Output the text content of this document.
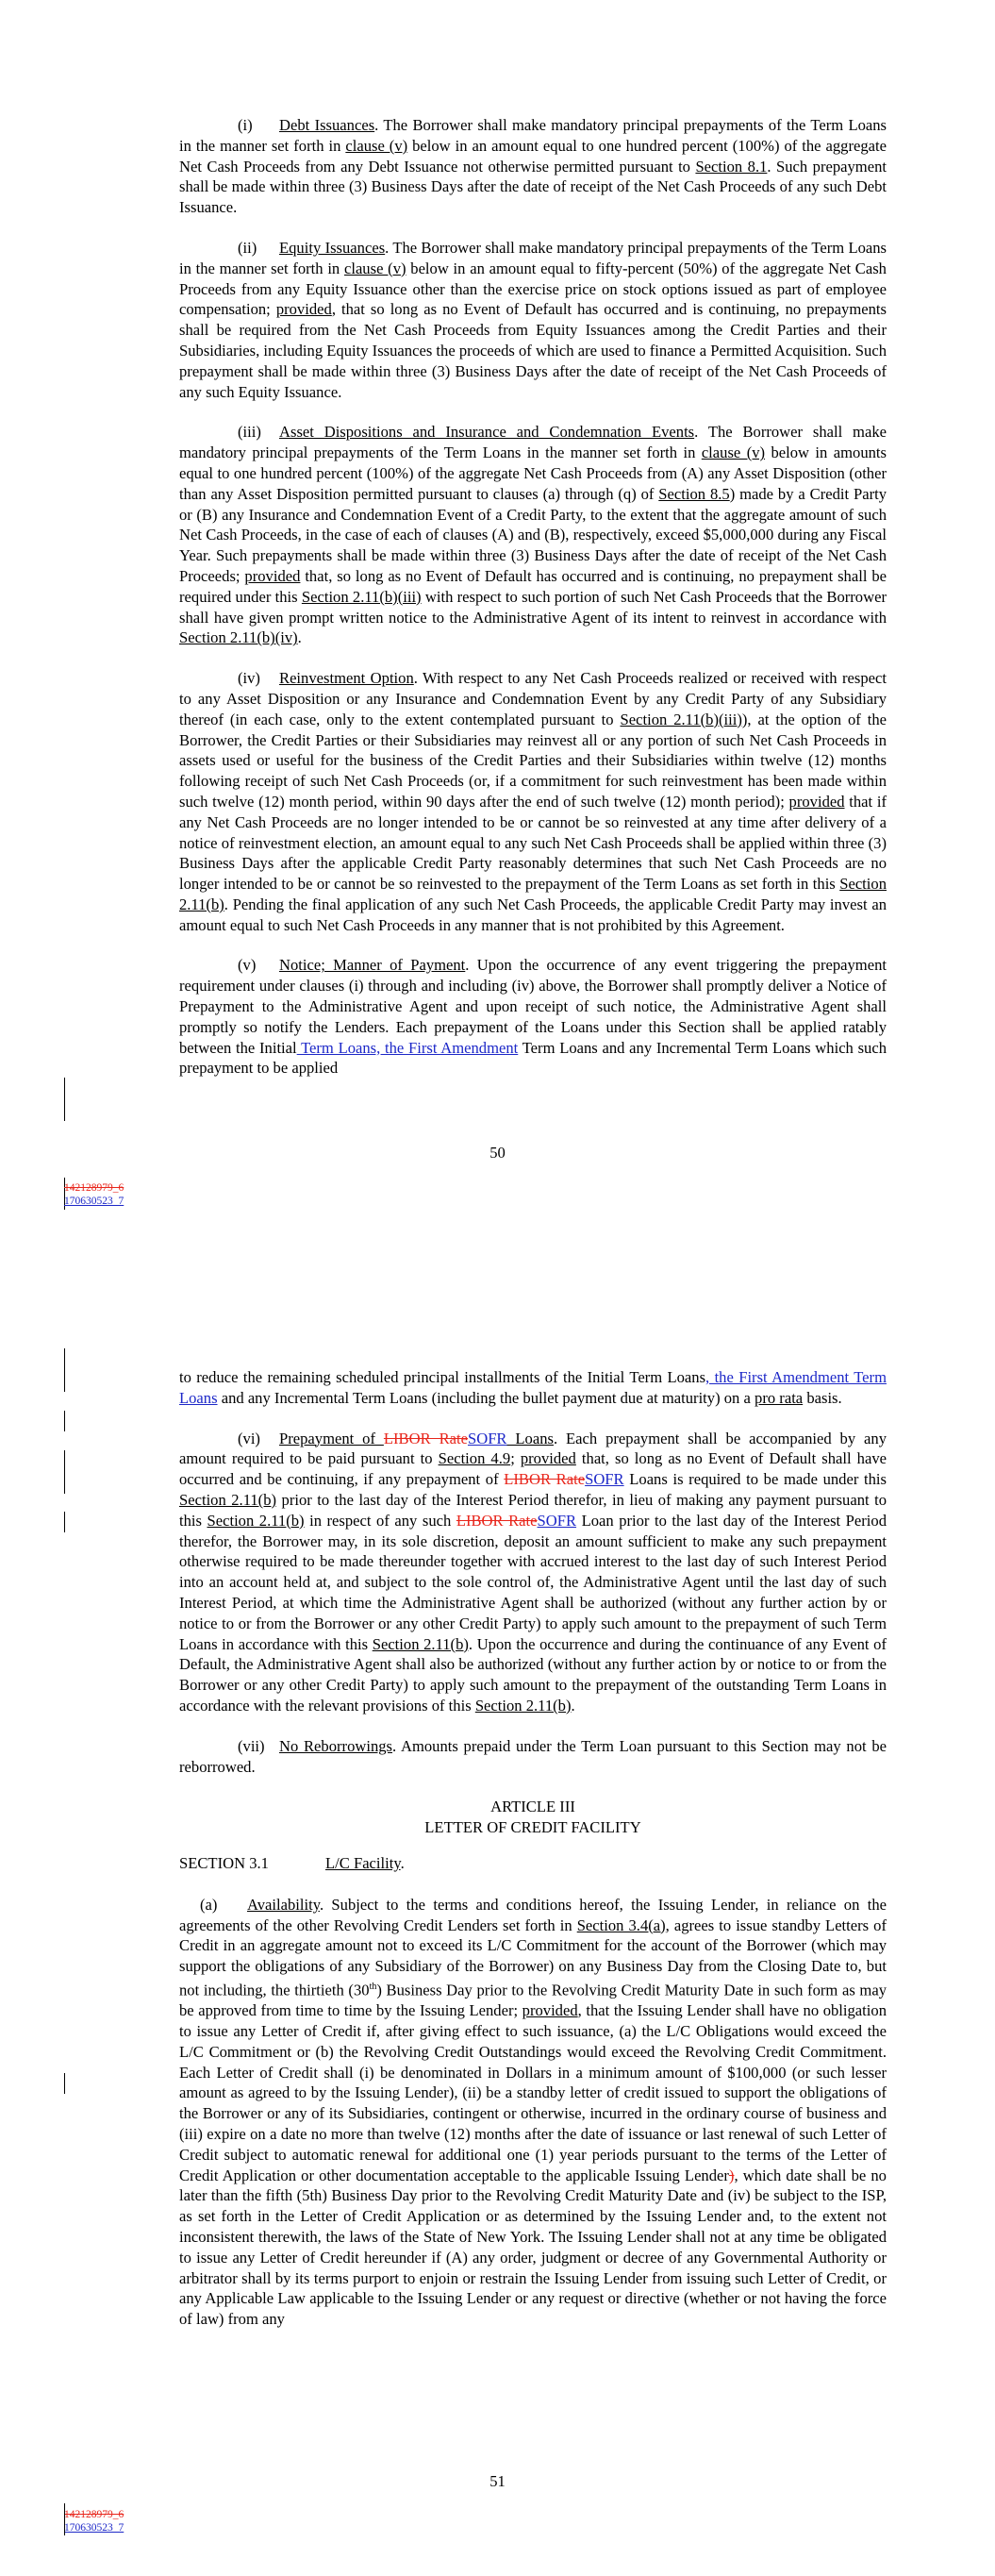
(i) Debt Issuances. The Borrower shall make mandatory principal prepayments of the Term Loans in the manner set forth in clause (v) below in an amount equal to one hundred percent (100%) of the aggregate Net Cash Proceeds from any Debt Issuance not otherwise permitted pursuant to Section 8.1. Such prepayment shall be made within three (3) Business Days after the date of receipt of the Net Cash Proceeds of any such Debt Issuance.

(ii) Equity Issuances. The Borrower shall make mandatory principal prepayments of the Term Loans in the manner set forth in clause (v) below in an amount equal to fifty-percent (50%) of the aggregate Net Cash Proceeds from any Equity Issuance other than the exercise price on stock options issued as part of employee compensation; provided, that so long as no Event of Default has occurred and is continuing, no prepayments shall be required from the Net Cash Proceeds from Equity Issuances among the Credit Parties and their Subsidiaries, including Equity Issuances the proceeds of which are used to finance a Permitted Acquisition. Such prepayment shall be made within three (3) Business Days after the date of receipt of the Net Cash Proceeds of any such Equity Issuance.

(iii) Asset Dispositions and Insurance and Condemnation Events. The Borrower shall make mandatory principal prepayments of the Term Loans in the manner set forth in clause (v) below in amounts equal to one hundred percent (100%) of the aggregate Net Cash Proceeds from (A) any Asset Disposition (other than any Asset Disposition permitted pursuant to clauses (a) through (q) of Section 8.5) made by a Credit Party or (B) any Insurance and Condemnation Event of a Credit Party, to the extent that the aggregate amount of such Net Cash Proceeds, in the case of each of clauses (A) and (B), respectively, exceed $5,000,000 during any Fiscal Year. Such prepayments shall be made within three (3) Business Days after the date of receipt of the Net Cash Proceeds; provided that, so long as no Event of Default has occurred and is continuing, no prepayment shall be required under this Section 2.11(b)(iii) with respect to such portion of such Net Cash Proceeds that the Borrower shall have given prompt written notice to the Administrative Agent of its intent to reinvest in accordance with Section 2.11(b)(iv).

(iv) Reinvestment Option. With respect to any Net Cash Proceeds realized or received with respect to any Asset Disposition or any Insurance and Condemnation Event by any Credit Party of any Subsidiary thereof (in each case, only to the extent contemplated pursuant to Section 2.11(b)(iii)), at the option of the Borrower, the Credit Parties or their Subsidiaries may reinvest all or any portion of such Net Cash Proceeds in assets used or useful for the business of the Credit Parties and their Subsidiaries within twelve (12) months following receipt of such Net Cash Proceeds (or, if a commitment for such reinvestment has been made within such twelve (12) month period, within 90 days after the end of such twelve (12) month period); provided that if any Net Cash Proceeds are no longer intended to be or cannot be so reinvested at any time after delivery of a notice of reinvestment election, an amount equal to any such Net Cash Proceeds shall be applied within three (3) Business Days after the applicable Credit Party reasonably determines that such Net Cash Proceeds are no longer intended to be or cannot be so reinvested to the prepayment of the Term Loans as set forth in this Section 2.11(b). Pending the final application of any such Net Cash Proceeds, the applicable Credit Party may invest an amount equal to such Net Cash Proceeds in any manner that is not prohibited by this Agreement.

(v) Notice; Manner of Payment. Upon the occurrence of any event triggering the prepayment requirement under clauses (i) through and including (iv) above, the Borrower shall promptly deliver a Notice of Prepayment to the Administrative Agent and upon receipt of such notice, the Administrative Agent shall promptly so notify the Lenders. Each prepayment of the Loans under this Section shall be applied ratably between the Initial Term Loans, the First Amendment Term Loans and any Incremental Term Loans which such prepayment to be applied

50
142128979_6
170630523_7

to reduce the remaining scheduled principal installments of the Initial Term Loans, the First Amendment Term Loans and any Incremental Term Loans (including the bullet payment due at maturity) on a pro rata basis.

(vi) Prepayment of LIBOR RateSOFR Loans. Each prepayment shall be accompanied by any amount required to be paid pursuant to Section 4.9; provided that, so long as no Event of Default shall have occurred and be continuing, if any prepayment of LIBOR RateSOFR Loans is required to be made under this Section 2.11(b) prior to the last day of the Interest Period therefor, in lieu of making any payment pursuant to this Section 2.11(b) in respect of any such LIBOR RateSOFR Loan prior to the last day of the Interest Period therefor, the Borrower may, in its sole discretion, deposit an amount sufficient to make any such prepayment otherwise required to be made thereunder together with accrued interest to the last day of such Interest Period into an account held at, and subject to the sole control of, the Administrative Agent until the last day of such Interest Period, at which time the Administrative Agent shall be authorized (without any further action by or notice to or from the Borrower or any other Credit Party) to apply such amount to the prepayment of such Term Loans in accordance with this Section 2.11(b). Upon the occurrence and during the continuance of any Event of Default, the Administrative Agent shall also be authorized (without any further action by or notice to or from the Borrower or any other Credit Party) to apply such amount to the prepayment of the outstanding Term Loans in accordance with the relevant provisions of this Section 2.11(b).

(vii) No Reborrowings. Amounts prepaid under the Term Loan pursuant to this Section may not be reborrowed.

ARTICLE III

LETTER OF CREDIT FACILITY

SECTION 3.1	L/C Facility.

(a) Availability. Subject to the terms and conditions hereof, the Issuing Lender, in reliance on the agreements of the other Revolving Credit Lenders set forth in Section 3.4(a), agrees to issue standby Letters of Credit in an aggregate amount not to exceed its L/C Commitment for the account of the Borrower (which may support the obligations of any Subsidiary of the Borrower) on any Business Day from the Closing Date to, but not including, the thirtieth (30th) Business Day prior to the Revolving Credit Maturity Date in such form as may be approved from time to time by the Issuing Lender; provided, that the Issuing Lender shall have no obligation to issue any Letter of Credit if, after giving effect to such issuance, (a) the L/C Obligations would exceed the L/C Commitment or (b) the Revolving Credit Outstandings would exceed the Revolving Credit Commitment. Each Letter of Credit shall (i) be denominated in Dollars in a minimum amount of $100,000 (or such lesser amount as agreed to by the Issuing Lender), (ii) be a standby letter of credit issued to support the obligations of the Borrower or any of its Subsidiaries, contingent or otherwise, incurred in the ordinary course of business and (iii) expire on a date no more than twelve (12) months after the date of issuance or last renewal of such Letter of Credit subject to automatic renewal for additional one (1) year periods pursuant to the terms of the Letter of Credit Application or other documentation acceptable to the applicable Issuing Lender), which date shall be no later than the fifth (5th) Business Day prior to the Revolving Credit Maturity Date and (iv) be subject to the ISP, as set forth in the Letter of Credit Application or as determined by the Issuing Lender and, to the extent not inconsistent therewith, the laws of the State of New York. The Issuing Lender shall not at any time be obligated to issue any Letter of Credit hereunder if (A) any order, judgment or decree of any Governmental Authority or arbitrator shall by its terms purport to enjoin or restrain the Issuing Lender from issuing such Letter of Credit, or any Applicable Law applicable to the Issuing Lender or any request or directive (whether or not having the force of law) from any

51
142128979_6
170630523_7
